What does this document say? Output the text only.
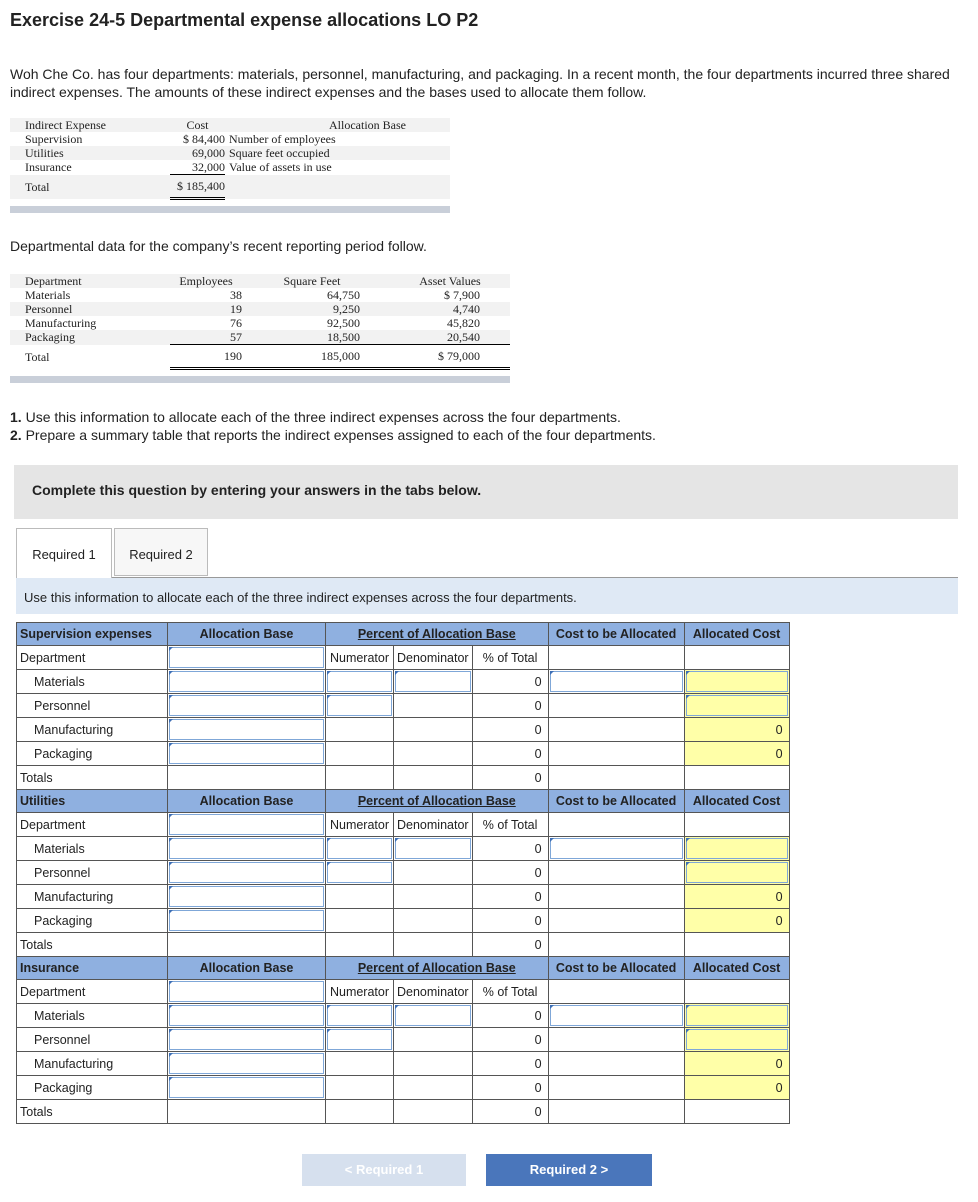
Exercise 24-5 Departmental expense allocations LO P2
Woh Che Co. has four departments: materials, personnel, manufacturing, and packaging. In a recent month, the four departments incurred three shared indirect expenses. The amounts of these indirect expenses and the bases used to allocate them follow.
Indirect Expense	Cost	Allocation Base
Supervision	$ 84,400	Number of employees
Utilities	69,000	Square feet occupied
Insurance	32,000	Value of assets in use
Total	$ 185,400	
Departmental data for the company’s recent reporting period follow.
Department	Employees	Square Feet	Asset Values
Materials	38	64,750	$ 7,900
Personnel	19	9,250	4,740
Manufacturing	76	92,500	45,820
Packaging	57	18,500	20,540
Total	190	185,000	$ 79,000
1. Use this information to allocate each of the three indirect expenses across the four departments.
2. Prepare a summary table that reports the indirect expenses assigned to each of the four departments.
Complete this question by entering your answers in the tabs below.
Required 1	Required 2
Use this information to allocate each of the three indirect expenses across the four departments.
Supervision expenses	Allocation Base	Percent of Allocation Base			Cost to be Allocated	Allocated Cost
Department		Numerator	Denominator	% of Total		
Materials				0		
Personnel				0		
Manufacturing				0		0
Packaging				0		0
Totals				0		
Utilities	Allocation Base	Percent of Allocation Base			Cost to be Allocated	Allocated Cost
Department		Numerator	Denominator	% of Total		
Materials				0		
Personnel				0		
Manufacturing				0		0
Packaging				0		0
Totals				0		
Insurance	Allocation Base	Percent of Allocation Base			Cost to be Allocated	Allocated Cost
Department		Numerator	Denominator	% of Total		
Materials				0		
Personnel				0		
Manufacturing				0		0
Packaging				0		0
Totals				0		
< Required 1	Required 2 >
